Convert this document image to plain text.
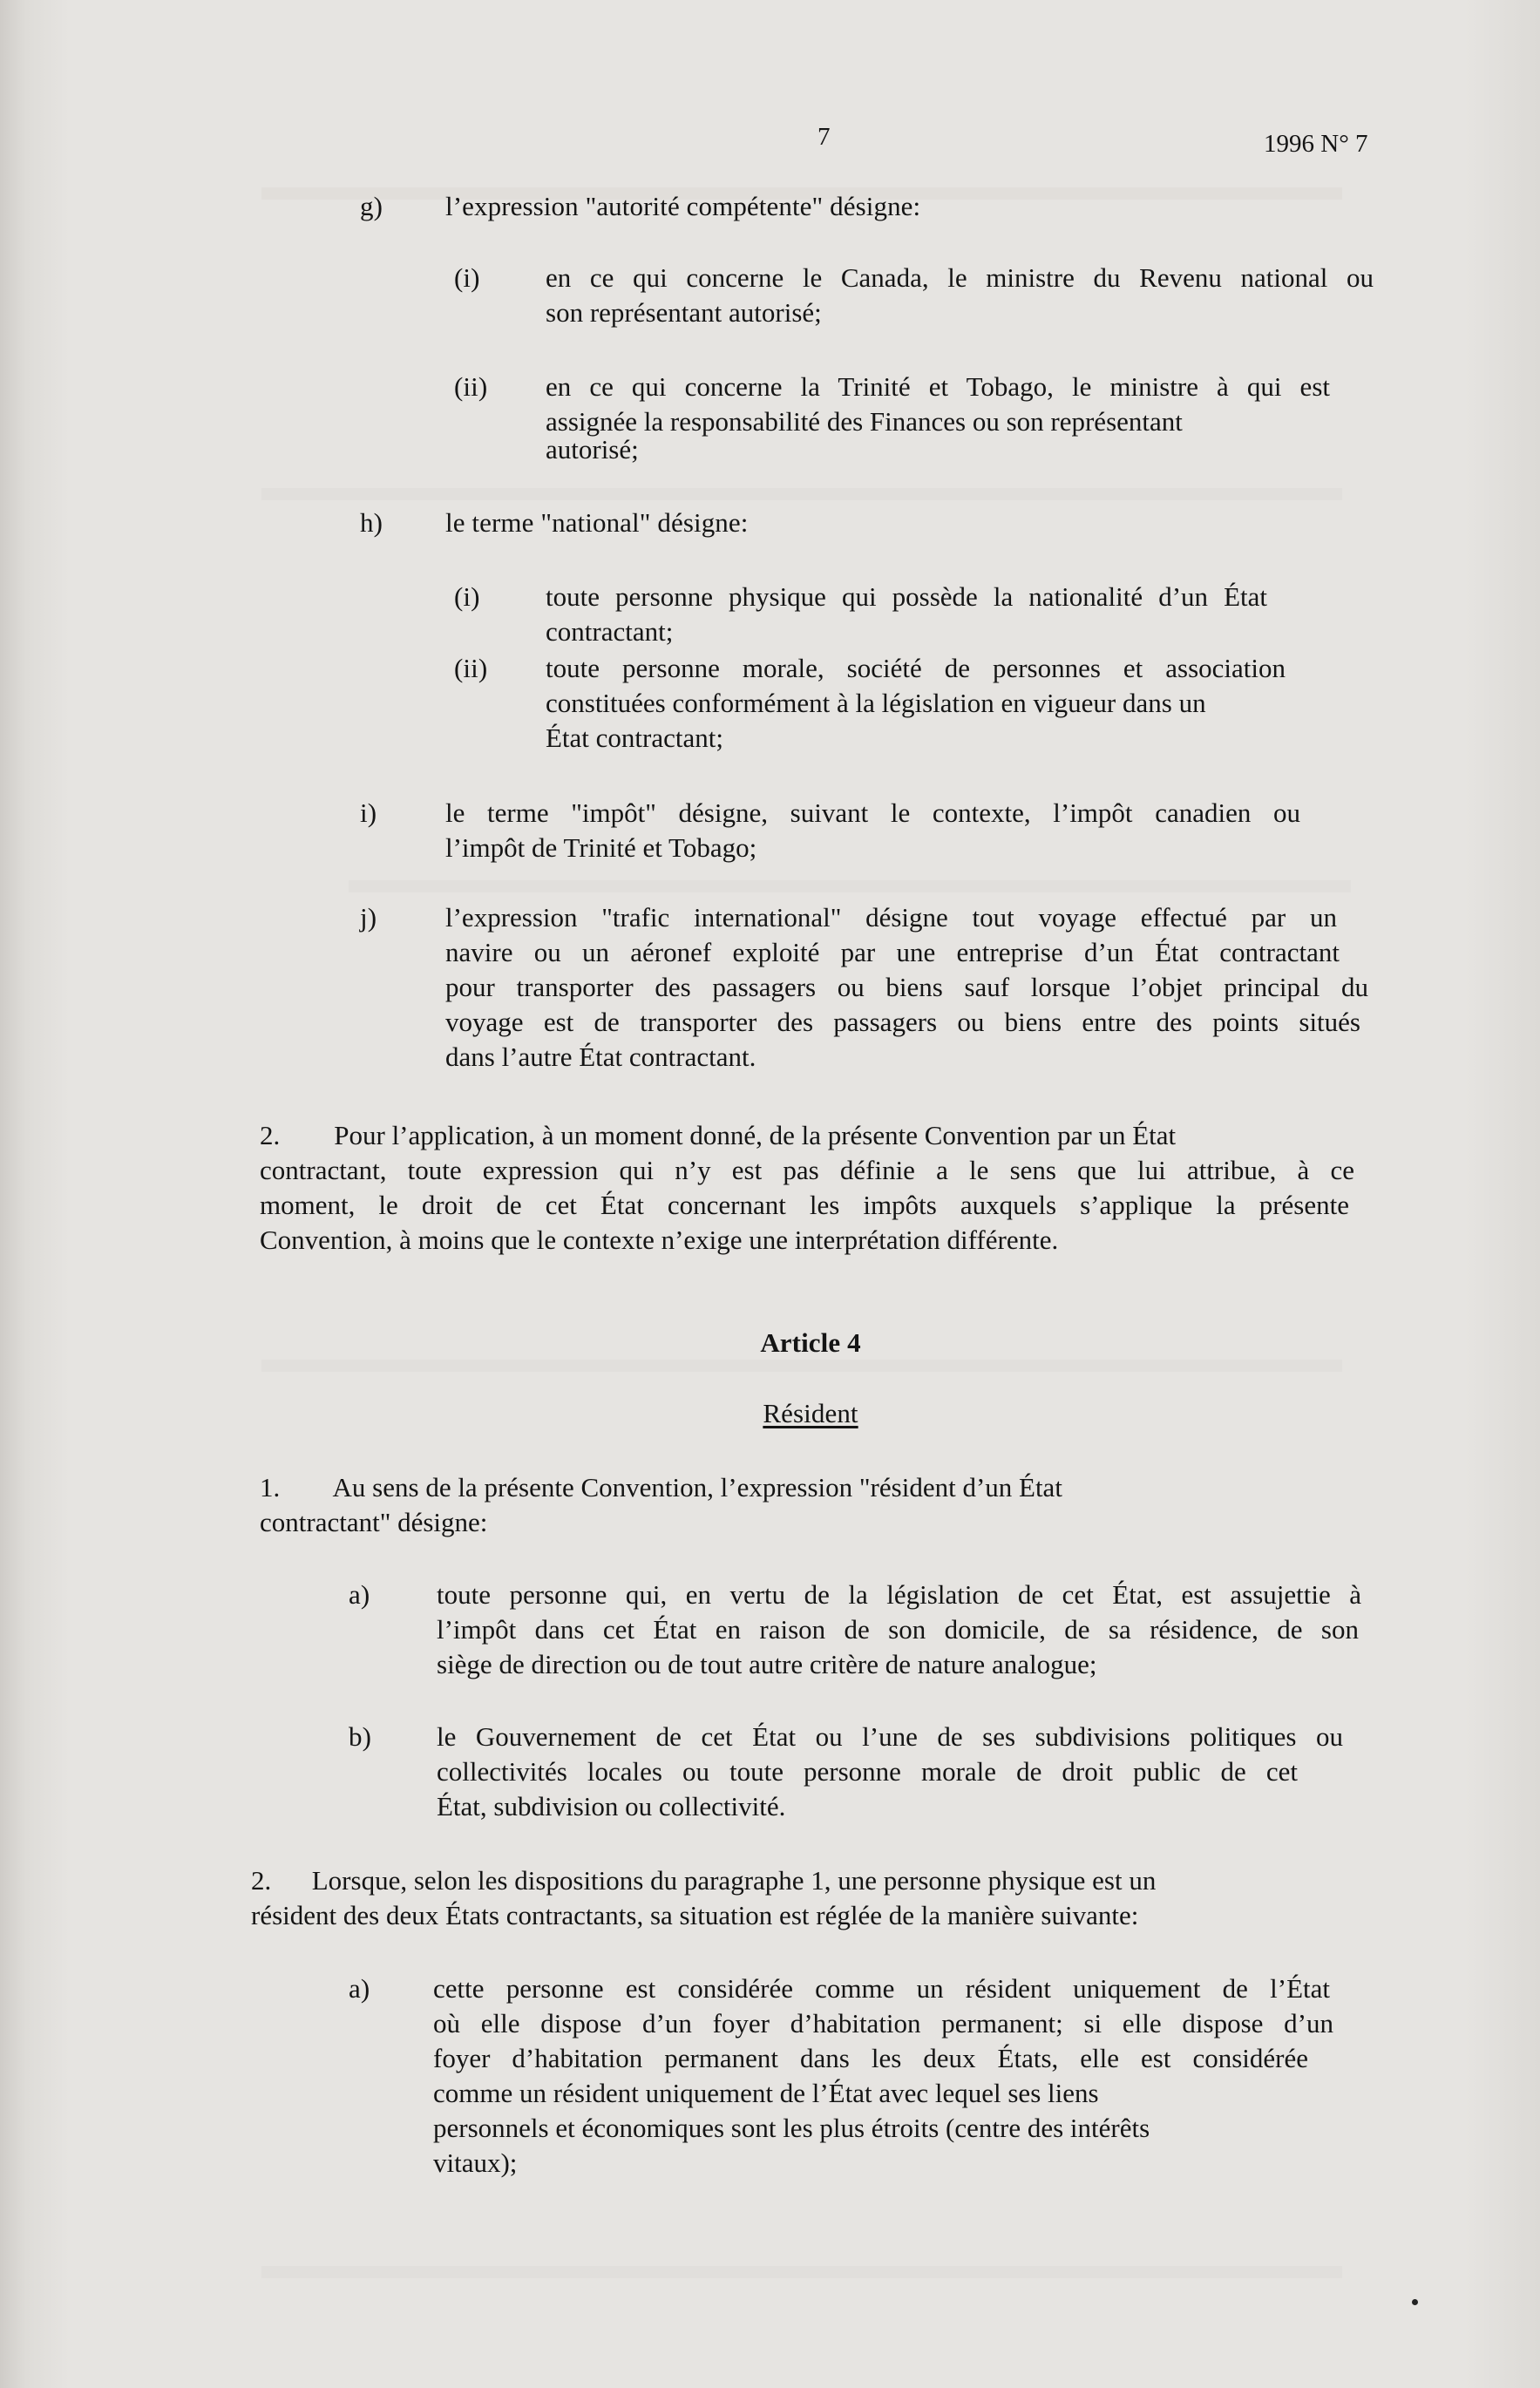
7	1996 N° 7
g) l’expression "autorité compétente" désigne:
(i) en ce qui concerne le Canada, le ministre du Revenu national ou
son représentant autorisé;
(ii) en ce qui concerne la Trinité et Tobago, le ministre à qui est
assignée la responsabilité des Finances ou son représentant
autorisé;
h) le terme "national" désigne:
(i) toute personne physique qui possède la nationalité d’un État
contractant;
(ii) toute personne morale, société de personnes et association
constituées conformément à la législation en vigueur dans un
État contractant;
i)	le terme "impôt" désigne, suivant le contexte, l’impôt canadien ou
l’impôt de Trinité et Tobago;
j)	l’expression "trafic international" désigne tout voyage effectué par un
navire ou un aéronef exploité par une entreprise d’un État contractant
pour transporter des passagers ou biens sauf lorsque l’objet principal du
voyage est de transporter des passagers ou biens entre des points situés
dans l’autre État contractant.
2.        Pour l’application, à un moment donné, de la présente Convention par un État
contractant, toute expression qui n’y est pas définie a le sens que lui attribue, à ce
moment, le droit de cet État concernant les impôts auxquels s’applique la présente
Convention, à moins que le contexte n’exige une interprétation différente.
Article 4
Résident
1.        Au sens de la présente Convention, l’expression "résident d’un État
contractant" désigne:
a) toute personne qui, en vertu de la législation de cet État, est assujettie à
l’impôt dans cet État en raison de son domicile, de sa résidence, de son
siège de direction ou de tout autre critère de nature analogue;
b) le Gouvernement de cet État ou l’une de ses subdivisions politiques ou
collectivités locales ou toute personne morale de droit public de cet
État, subdivision ou collectivité.
2.      Lorsque, selon les dispositions du paragraphe 1, une personne physique est un
résident des deux États contractants, sa situation est réglée de la manière suivante:
a) cette personne est considérée comme un résident uniquement de l’État
où elle dispose d’un foyer d’habitation permanent; si elle dispose d’un
foyer d’habitation permanent dans les deux États, elle est considérée
comme un résident uniquement de l’État avec lequel ses liens
personnels et économiques sont les plus étroits (centre des intérêts
vitaux);
